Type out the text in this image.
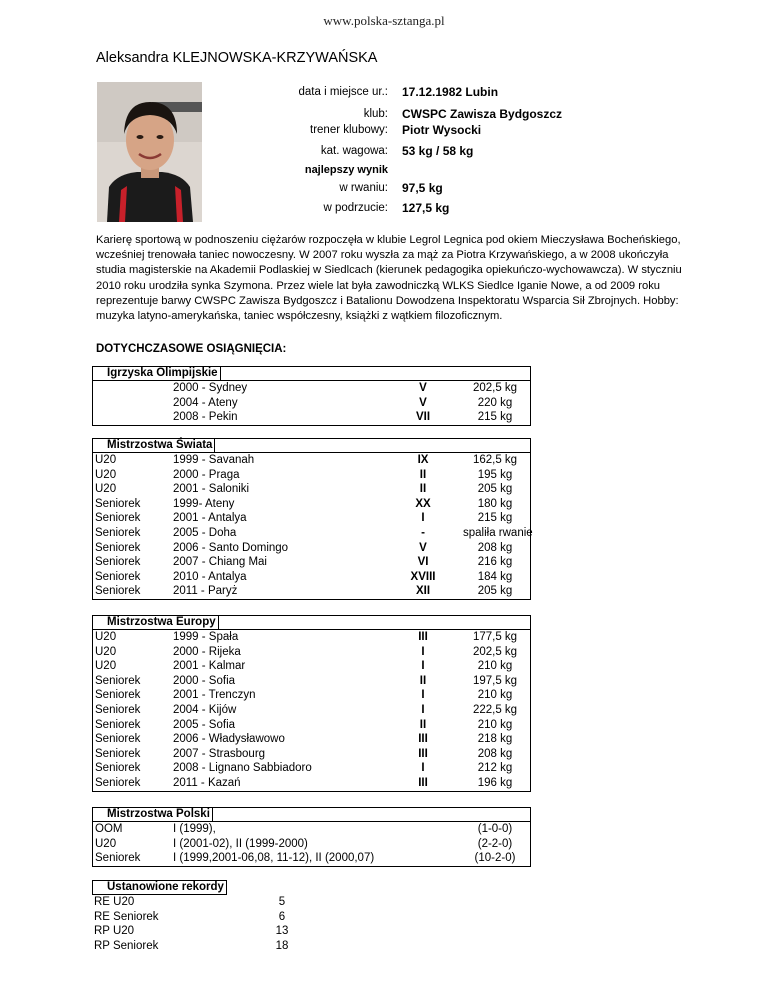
www.polska-sztanga.pl
Aleksandra KLEJNOWSKA-KRZYWAŃSKA
data i miejsce ur.: 17.12.1982 Lubin
klub: CWSPC Zawisza Bydgoszcz
trener klubowy: Piotr Wysocki
kat. wagowa: 53 kg / 58 kg
najlepszy wynik
w rwaniu: 97,5 kg
w podrzucie: 127,5 kg
Karierę sportową w podnoszeniu ciężarów rozpoczęła w klubie Legrol Legnica pod okiem Mieczysława Bocheńskiego, wcześniej trenowała taniec nowoczesny. W 2007 roku wyszła za mąż za Piotra Krzywańskiego, a w 2008 ukończyła studia magisterskie na Akademii Podlaskiej w Siedlcach (kierunek pedagogika opiekuńczo-wychowawcza). W styczniu 2010 roku urodziła synka Szymona. Przez wiele lat była zawodniczką WLKS Siedlce Iganie Nowe, a od 2009 roku reprezentuje barwy CWSPC Zawisza Bydgoszcz i Batalionu Dowodzena Inspektoratu Wsparcia Sił Zbrojnych. Hobby: muzyka latyno-amerykańska, taniec współczesny, książki z wątkiem filozoficznym.
DOTYCHCZASOWE OSIĄGNIĘCIA:
Igrzyska Olimpijskie
2000 - Sydney	V	202,5 kg
2004 - Ateny	V	220 kg
2008 - Pekin	VII	215 kg
Mistrzostwa Świata
U20	1999 - Savanah	IX	162,5 kg
U20	2000 - Praga	II	195 kg
U20	2001 - Saloniki	II	205 kg
Seniorek	1999- Ateny	XX	180 kg
Seniorek	2001 - Antalya	I	215 kg
Seniorek	2005 - Doha	-	spaliła rwanie
Seniorek	2006 - Santo Domingo	V	208 kg
Seniorek	2007 - Chiang Mai	VI	216 kg
Seniorek	2010 - Antalya	XVIII	184 kg
Seniorek	2011 - Paryż	XII	205 kg
Mistrzostwa Europy
U20	1999 - Spała	III	177,5 kg
U20	2000 - Rijeka	I	202,5 kg
U20	2001 - Kalmar	I	210 kg
Seniorek	2000 - Sofia	II	197,5 kg
Seniorek	2001 - Trenczyn	I	210 kg
Seniorek	2004 - Kijów	I	222,5 kg
Seniorek	2005 - Sofia	II	210 kg
Seniorek	2006 - Władysławowo	III	218 kg
Seniorek	2007 - Strasbourg	III	208 kg
Seniorek	2008 - Lignano Sabbiadoro	I	212 kg
Seniorek	2011 - Kazań	III	196 kg
Mistrzostwa Polski
OOM	I (1999),	(1-0-0)
U20	I (2001-02), II (1999-2000)	(2-2-0)
Seniorek	I (1999,2001-06,08, 11-12), II (2000,07)	(10-2-0)
Ustanowione rekordy
RE U20	5
RE Seniorek	6
RP U20	13
RP Seniorek	18
